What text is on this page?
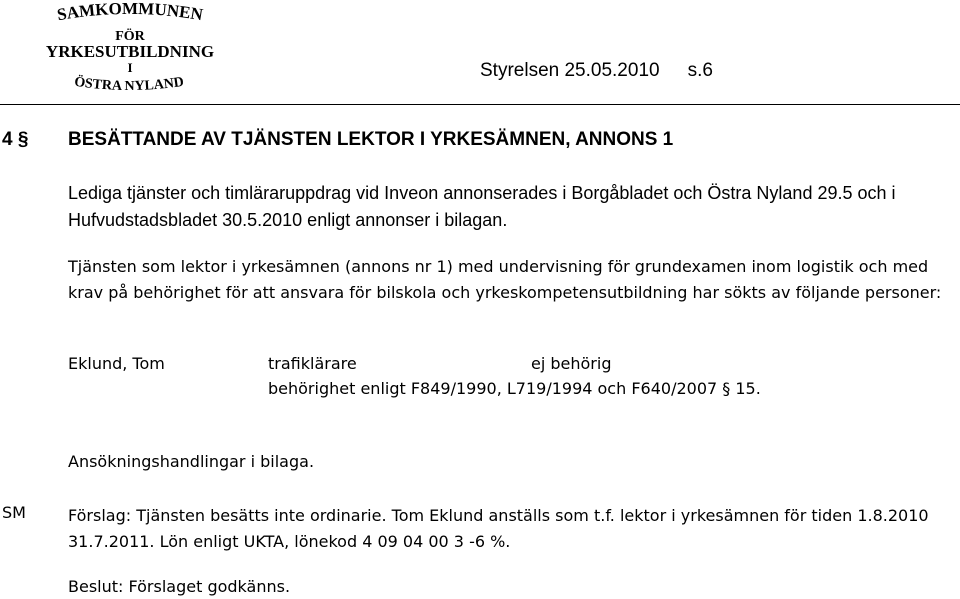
SAMKOMMUNEN
FÖR
YRKESUTBILDNING
I
ÖSTRA NYLAND
Styrelsen 25.05.2010 s.6
4 § BESÄTTANDE AV TJÄNSTEN LEKTOR I YRKESÄMNEN, ANNONS 1
Lediga tjänster och timläraruppdrag vid Inveon annonserades i Borgåbladet och Östra Nyland 29.5 och i Hufvudstadsbladet 30.5.2010 enligt annonser i bilagan.
Tjänsten som lektor i yrkesämnen (annons nr 1) med undervisning för grundexamen inom logistik och med krav på behörighet för att ansvara för bilskola och yrkeskompetensutbildning har sökts av följande personer:
Eklund, Tom	trafiklärare	ej behörig
behörighet enligt F849/1990, L719/1994 och F640/2007 § 15.
Ansökningshandlingar i bilaga.
SM	Förslag: Tjänsten besätts inte ordinarie. Tom Eklund anställs som t.f. lektor i yrkesämnen för tiden 1.8.2010 31.7.2011. Lön enligt UKTA, lönekod 4 09 04 00 3 -6 %.
Beslut: Förslaget godkänns.
